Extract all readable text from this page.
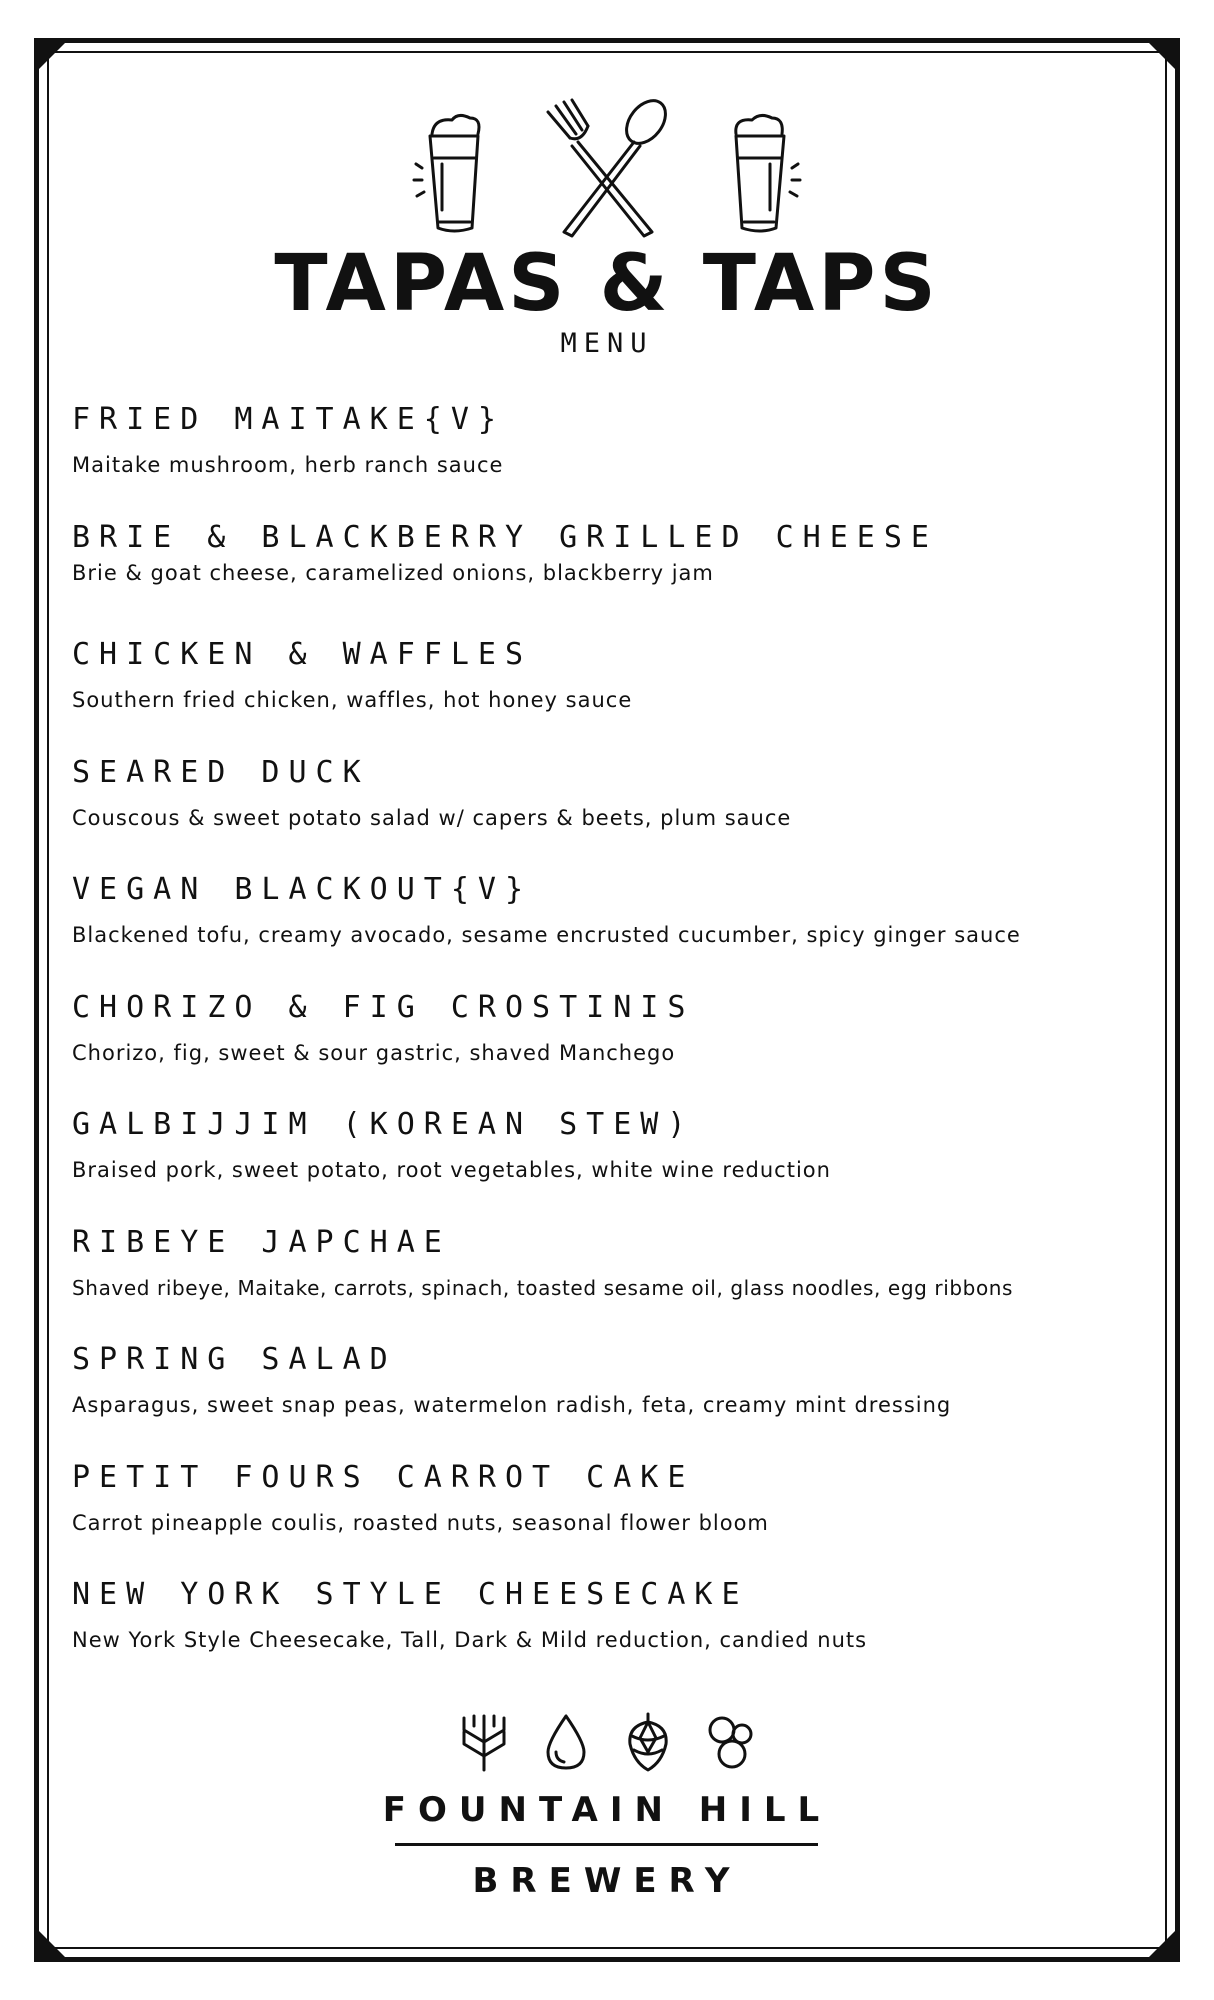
TAPAS & TAPS
MENU
FRIED MAITAKE{V}
Maitake mushroom, herb ranch sauce
BRIE & BLACKBERRY GRILLED CHEESE
Brie & goat cheese, caramelized onions, blackberry jam
CHICKEN & WAFFLES
Southern fried chicken, waffles, hot honey sauce
SEARED DUCK
Couscous & sweet potato salad w/ capers & beets, plum sauce
VEGAN BLACKOUT{V}
Blackened tofu, creamy avocado, sesame encrusted cucumber, spicy ginger sauce
CHORIZO & FIG CROSTINIS
Chorizo, fig, sweet & sour gastric, shaved Manchego
GALBIJJIM (KOREAN STEW)
Braised pork, sweet potato, root vegetables, white wine reduction
RIBEYE JAPCHAE
Shaved ribeye, Maitake, carrots, spinach, toasted sesame oil, glass noodles, egg ribbons
SPRING SALAD
Asparagus, sweet snap peas, watermelon radish, feta, creamy mint dressing
PETIT FOURS CARROT CAKE
Carrot pineapple coulis, roasted nuts, seasonal flower bloom
NEW YORK STYLE CHEESECAKE
New York Style Cheesecake, Tall, Dark & Mild reduction, candied nuts
FOUNTAIN HILL
BREWERY
